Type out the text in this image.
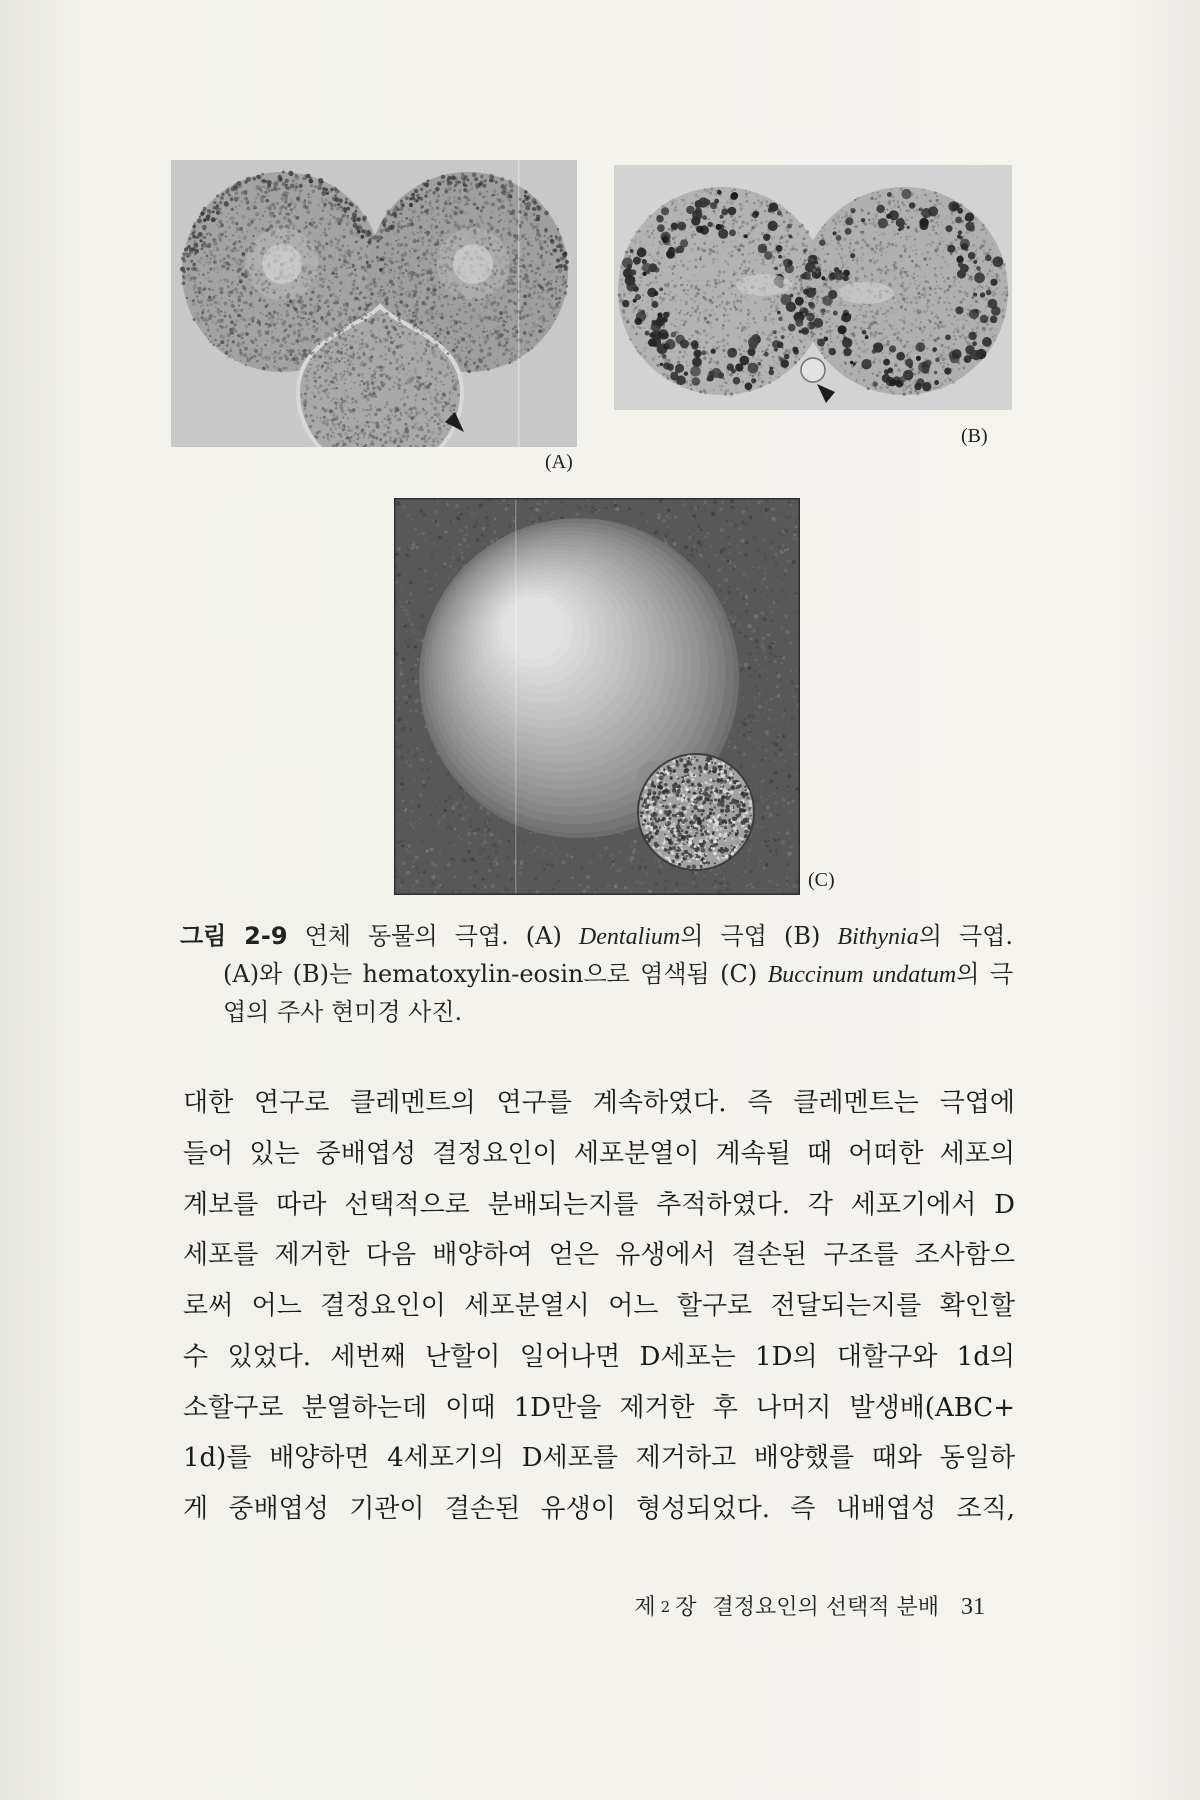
(A)
(B)
(C)
그림 2-9 연체 동물의 극엽. (A) Dentalium의 극엽 (B) Bithynia의 극엽.
(A)와 (B)는 hematoxylin-eosin으로 염색됨 (C) Buccinum undatum의 극
엽의 주사 현미경 사진.
대한 연구로 클레멘트의 연구를 계속하였다. 즉 클레멘트는 극엽에
들어 있는 중배엽성 결정요인이 세포분열이 계속될 때 어떠한 세포의
계보를 따라 선택적으로 분배되는지를 추적하였다. 각 세포기에서 D
세포를 제거한 다음 배양하여 얻은 유생에서 결손된 구조를 조사함으
로써 어느 결정요인이 세포분열시 어느 할구로 전달되는지를 확인할
수 있었다. 세번째 난할이 일어나면 D세포는 1D의 대할구와 1d의
소할구로 분열하는데 이때 1D만을 제거한 후 나머지 발생배(ABC+
1d)를 배양하면 4세포기의 D세포를 제거하고 배양했를 때와 동일하
게 중배엽성 기관이 결손된 유생이 형성되었다. 즉 내배엽성 조직,
제 2 장 결정요인의 선택적 분배 31
